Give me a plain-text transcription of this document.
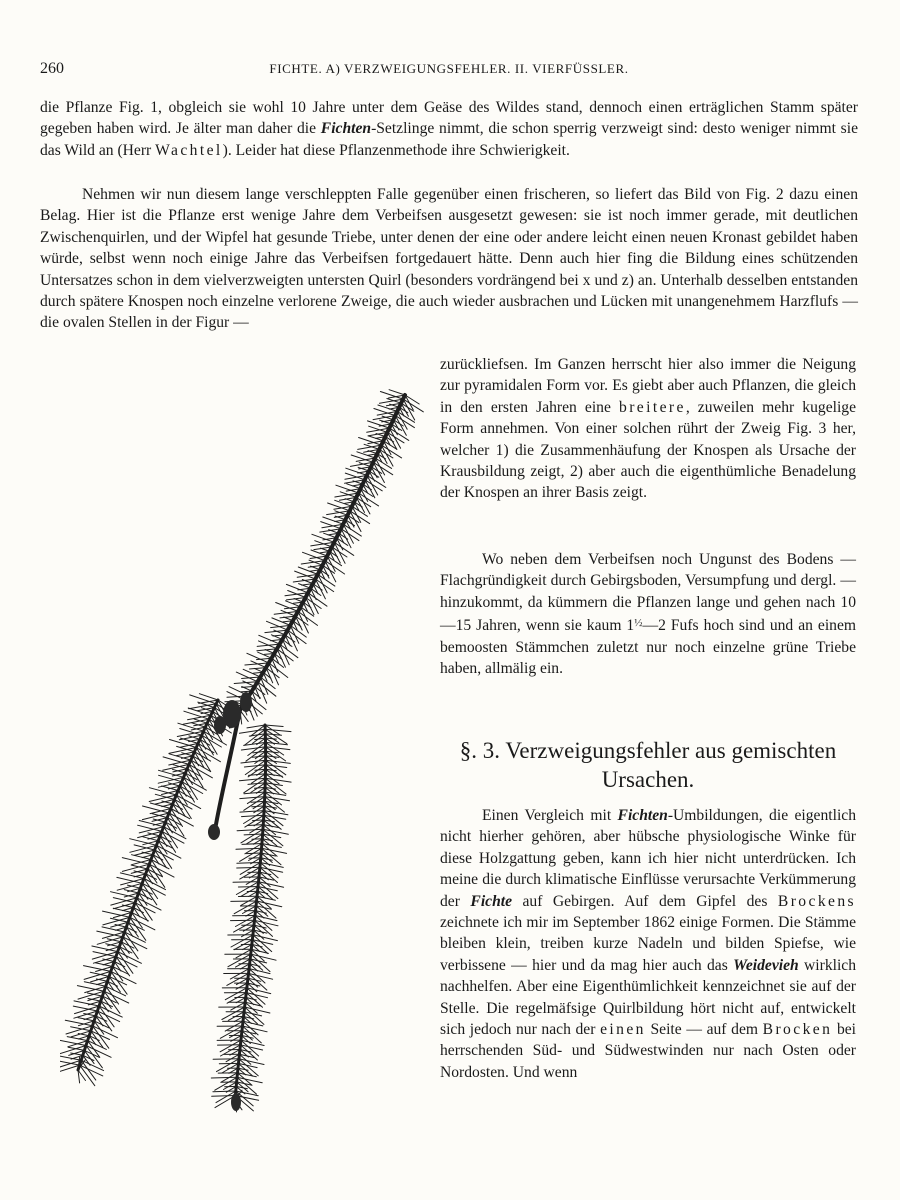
260	FICHTE. A) VERZWEIGUNGSFEHLER. II. VIERFÜSSLER.

die Pflanze Fig. 1, obgleich sie wohl 10 Jahre unter dem Geäse des Wildes stand, dennoch einen erträglichen Stamm später gegeben haben wird. Je älter man daher die Fichten-Setzlinge nimmt, die schon sperrig verzweigt sind: desto weniger nimmt sie das Wild an (Herr Wachtel). Leider hat diese Pflanzenmethode ihre Schwierigkeit.

Nehmen wir nun diesem lange verschleppten Falle gegenüber einen frischeren, so liefert das Bild von Fig. 2 dazu einen Belag. Hier ist die Pflanze erst wenige Jahre dem Verbeifsen ausgesetzt gewesen: sie ist noch immer gerade, mit deutlichen Zwischenquirlen, und der Wipfel hat gesunde Triebe, unter denen der eine oder andere leicht einen neuen Kronast gebildet haben würde, selbst wenn noch einige Jahre das Verbeifsen fortgedauert hätte. Denn auch hier fing die Bildung eines schützenden Untersatzes schon in dem vielverzweigten untersten Quirl (besonders vordrängend bei x und z) an. Unterhalb desselben entstanden durch spätere Knospen noch einzelne verlorene Zweige, die auch wieder ausbrachen und Lücken mit unangenehmem Harzflufs — die ovalen Stellen in der Figur —

zurückliefsen. Im Ganzen herrscht hier also immer die Neigung zur pyramidalen Form vor. Es giebt aber auch Pflanzen, die gleich in den ersten Jahren eine breitere, zuweilen mehr kugelige Form annehmen. Von einer solchen rührt der Zweig Fig. 3 her, welcher 1) die Zusammenhäufung der Knospen als Ursache der Krausbildung zeigt, 2) aber auch die eigenthümliche Benadelung der Knospen an ihrer Basis zeigt.

Wo neben dem Verbeifsen noch Ungunst des Bodens — Flachgründigkeit durch Gebirgsboden, Versumpfung und dergl. — hinzukommt, da kümmern die Pflanzen lange und gehen nach 10—15 Jahren, wenn sie kaum $1^{\frac{1}{2}}—2$ Fufs hoch sind und an einem bemoosten Stämmchen zuletzt nur noch einzelne grüne Triebe haben, allmälig ein.

§. 3. Verzweigungsfehler aus gemischten Ursachen.

Einen Vergleich mit Fichten-Umbildungen, die eigentlich nicht hierher gehören, aber hübsche physiologische Winke für diese Holzgattung geben, kann ich hier nicht unterdrücken. Ich meine die durch klimatische Einflüsse verursachte Verkümmerung der Fichte auf Gebirgen. Auf dem Gipfel des Brockens zeichnete ich mir im September 1862 einige Formen. Die Stämme bleiben klein, treiben kurze Nadeln und bilden Spiefse, wie verbissene — hier und da mag hier auch das Weidevieh wirklich nachhelfen. Aber eine Eigenthümlichkeit kennzeichnet sie auf der Stelle. Die regelmäfsige Quirlbildung hört nicht auf, entwickelt sich jedoch nur nach der einen Seite — auf dem Brocken bei herrschenden Süd- und Südwestwinden nur nach Osten oder Nordosten. Und wenn
